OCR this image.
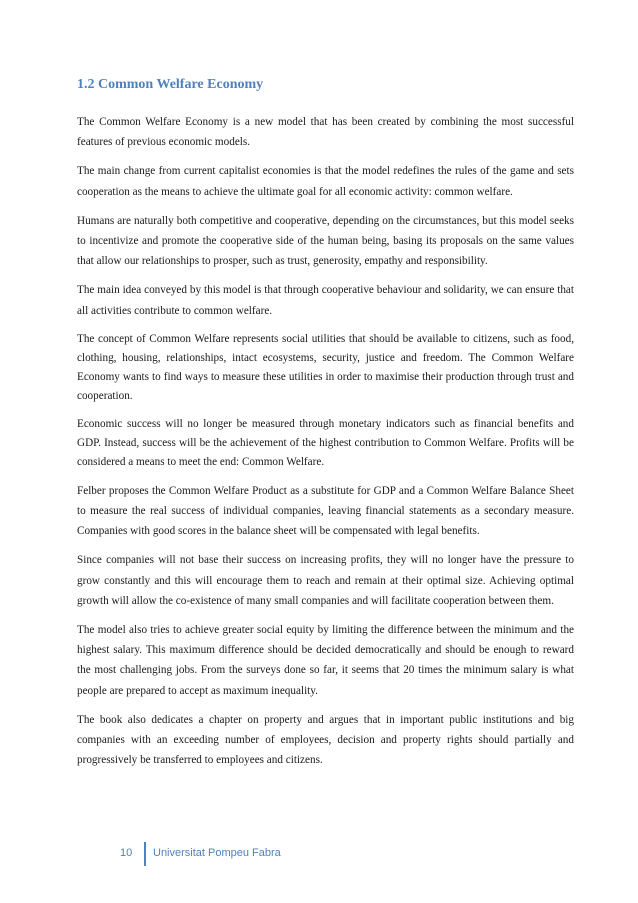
1.2 Common Welfare Economy

The Common Welfare Economy is a new model that has been created by combining the most successful features of previous economic models.

The main change from current capitalist economies is that the model redefines the rules of the game and sets cooperation as the means to achieve the ultimate goal for all economic activity: common welfare.

Humans are naturally both competitive and cooperative, depending on the circumstances, but this model seeks to incentivize and promote the cooperative side of the human being, basing its proposals on the same values that allow our relationships to prosper, such as trust, generosity, empathy and responsibility.

The main idea conveyed by this model is that through cooperative behaviour and solidarity, we can ensure that all activities contribute to common welfare.

The concept of Common Welfare represents social utilities that should be available to citizens, such as food, clothing, housing, relationships, intact ecosystems, security, justice and freedom. The Common Welfare Economy wants to find ways to measure these utilities in order to maximise their production through trust and cooperation.

Economic success will no longer be measured through monetary indicators such as financial benefits and GDP. Instead, success will be the achievement of the highest contribution to Common Welfare. Profits will be considered a means to meet the end: Common Welfare.

Felber proposes the Common Welfare Product as a substitute for GDP and a Common Welfare Balance Sheet to measure the real success of individual companies, leaving financial statements as a secondary measure. Companies with good scores in the balance sheet will be compensated with legal benefits.

Since companies will not base their success on increasing profits, they will no longer have the pressure to grow constantly and this will encourage them to reach and remain at their optimal size. Achieving optimal growth will allow the co-existence of many small companies and will facilitate cooperation between them.

The model also tries to achieve greater social equity by limiting the difference between the minimum and the highest salary. This maximum difference should be decided democratically and should be enough to reward the most challenging jobs. From the surveys done so far, it seems that 20 times the minimum salary is what people are prepared to accept as maximum inequality.

The book also dedicates a chapter on property and argues that in important public institutions and big companies with an exceeding number of employees, decision and property rights should partially and progressively be transferred to employees and citizens.

10 Universitat Pompeu Fabra
